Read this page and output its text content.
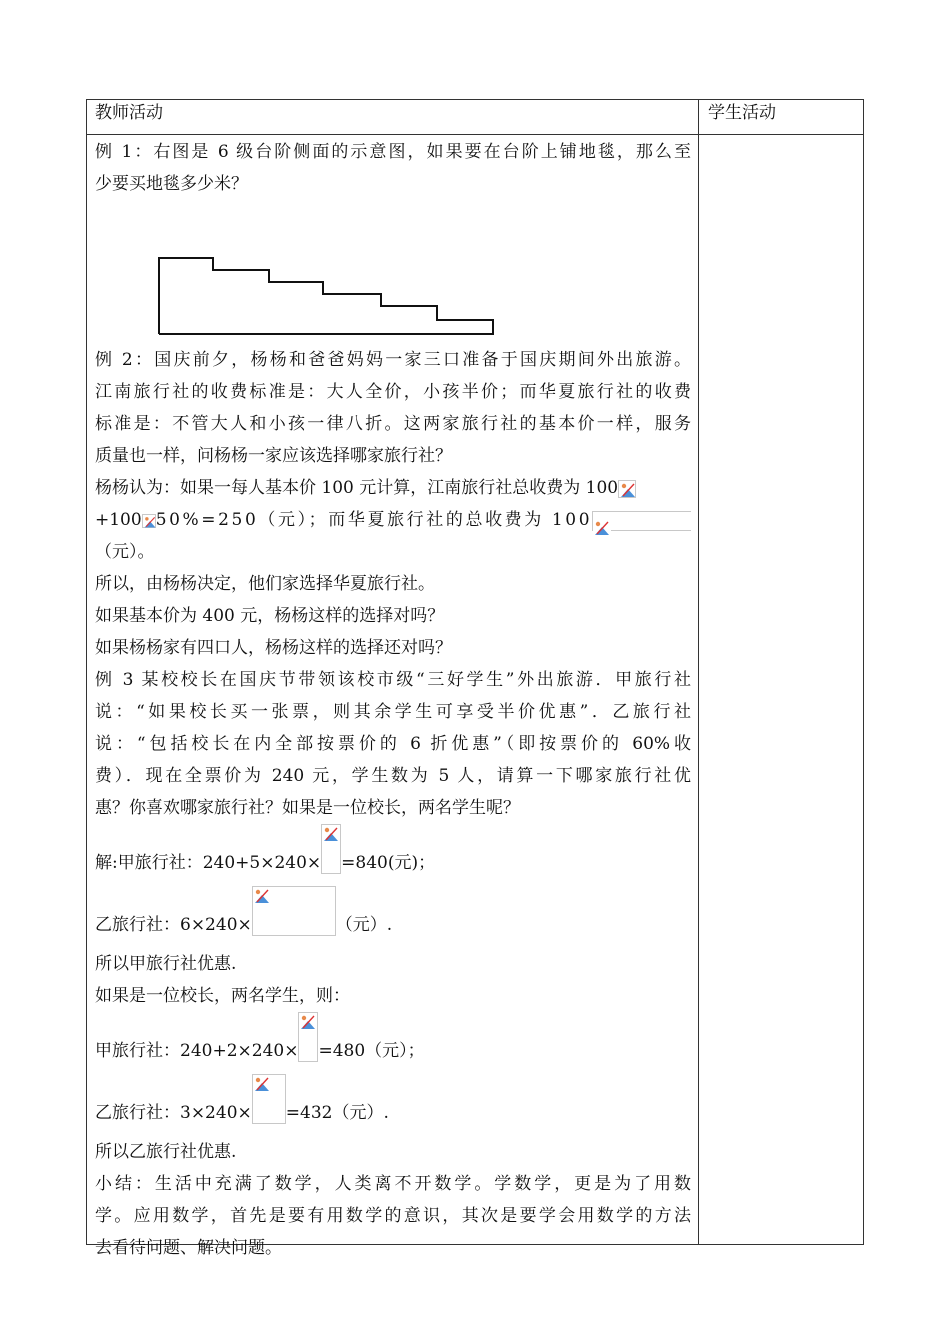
教师活动	学生活动
例 1：右图是 6 级台阶侧面的示意图，如果要在台阶上铺地毯，那么至
少要买地毯多少米？
例 2：国庆前夕，杨杨和爸爸妈妈一家三口准备于国庆期间外出旅游。
江南旅行社的收费标准是：大人全价，小孩半价；而华夏旅行社的收费
标准是：不管大人和小孩一律八折。这两家旅行社的基本价一样，服务
质量也一样，问杨杨一家应该选择哪家旅行社？
杨杨认为：如果一每人基本价 100 元计算，江南旅行社总收费为 100
+100 50%=250（元）；而华夏旅行社的总收费为 100
（元）。
所以，由杨杨决定，他们家选择华夏旅行社。
如果基本价为 400 元，杨杨这样的选择对吗？
如果杨杨家有四口人，杨杨这样的选择还对吗？
例 3 某校校长在国庆节带领该校市级“三好学生”外出旅游．甲旅行社
说：“如果校长买一张票，则其余学生可享受半价优惠”．乙旅行社
说：“包括校长在内全部按票价的 6 折优惠”（即按票价的 60%收
费）．现在全票价为 240 元，学生数为 5 人，请算一下哪家旅行社优
惠？你喜欢哪家旅行社？如果是一位校长，两名学生呢？
解:甲旅行社：240+5×240× =840(元)；
乙旅行社：6×240×	（元）.
所以甲旅行社优惠.
如果是一位校长，两名学生，则：
甲旅行社：240+2×240× =480（元）；
乙旅行社：3×240× =432（元）.
所以乙旅行社优惠.
小结：生活中充满了数学，人类离不开数学。学数学，更是为了用数
学。应用数学，首先是要有用数学的意识，其次是要学会用数学的方法
去看待问题、解决问题。
